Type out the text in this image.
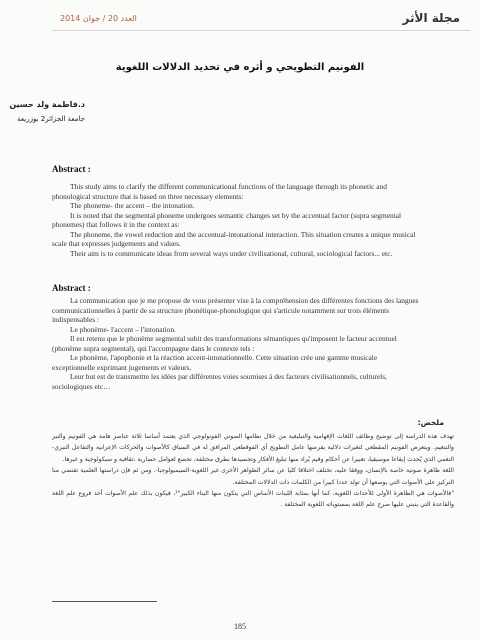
العدد 20 / جوان 2014	مجلة الأثر
الفونيم التطويحي و أثره في تحديد الدلالات اللغوية
د.فاطمة ولد حسين
جامعة الجزائر2 بوزريعة
Abstract :

This study aims to clarify the different communicational functions of the language through its phonetic and phonological structure that is based on three necessary elements:

The phoneme- the accent – the intonation.

It is noted that the segmental phoneme undergoes semantic changes set by the accentual factor (supra segmental phonemes) that follows it in the context as:

The phoneme, the vowel reduction and the accentual-intonational interaction. This situation creates a unique musical scale that expresses judgements and values.

Their aim is to communicate ideas from several ways under civilisational, cultural, sociological factors... etc.

Abstract :

La communication que je me propose de vous présenter vise à la compréhension des différentes fonctions des langues communicationnelles à partir de sa structure phonétique-phonologique qui s'articule notamment sur trois éléments indispensables :

Le phonème- l'accent – l'intonation.

Il est retenu que le phonème segmental subit des transformations sémantiques qu'imposent le facteur accentuel (phonème supra segmental), qui l'accompagne dans le contexte tels :

Le phonème, l'apophonie et la réaction accent-intonationnelle. Cette situation crée une gamme musicale exceptionnelle exprimant jugements et valeurs.

Leur but est de transmettre les idées par différentes voies soumises à des facteurs civilisationnels, culturels, sociologiques etc…

ملخص:

تهدف هذه الدراسة إلى توضيح وظائف اللغات الإفهامية والتبليغية من خلال نظامها الصوتي الفونولوجي الذي يعتمد أساسا ثلاثة عناصر هامة هي الفونيم والنبر والتنغيم. ويتعرض الفونيم المقطعي لتغيرات دلالية يفرضها عامل التطويح أي الفوقطعي المرافق له في السياق كالأصوات والحركات الإعرابية والتفاعل النبري-النغمي الذي يُحدث إيقاعا موسيقيا، تعبيرا عن أحكام وقيم يُراد منها تبليغ الأفكار وتجسيدها بطرق مختلفة، تخضع لعوامل حضارية ،ثقافية و سيكولوجية و غيرها.

اللغة ظاهرة صوتية خاصة بالإنسان، ووفقا عليه، تختلف اختلافا كليا عن سائر الظواهر الأخرى غير اللغوية-السيميولوجيا-. ومن ثم فإن دراستها العلمية تقتضي منا التركيز على الأصوات التي يوسعها أن تولد عددا كبيرا من الكلمات ذات الدلالات المختلفة.

"فالأصوات هي الظاهرة الأولى للأحداث اللغوية، كما أنها بمثابة اللبنات الأساس التي يتكون منها البناء الكبير"¹، فيكون بذلك علم الأصوات أحد فروع علم اللغة والقاعدة التي ينبني عليها صرح علم اللغة بمستوياته اللغوية المختلفة .

185
